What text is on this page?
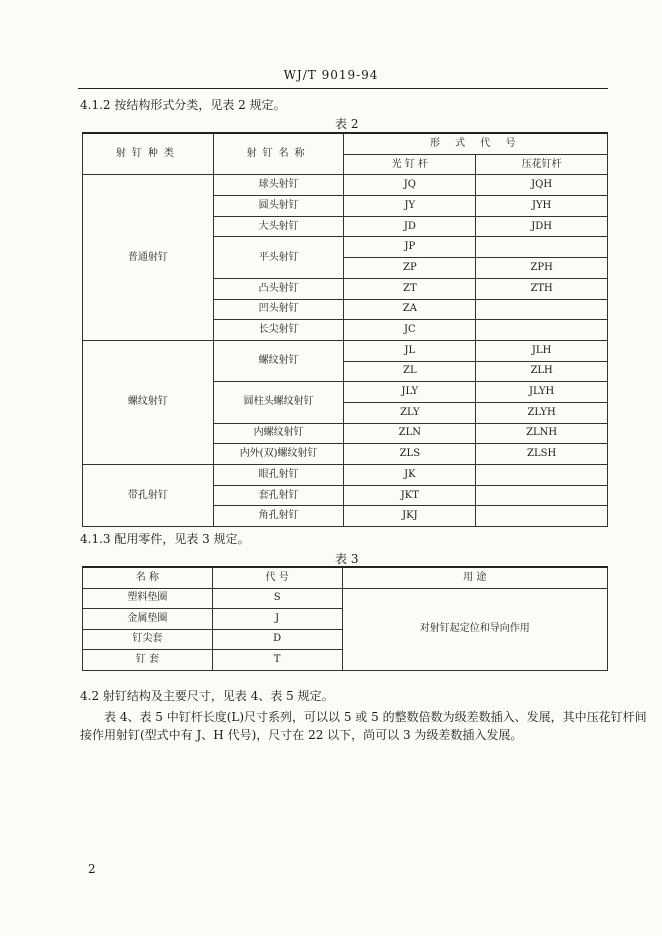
WJ/T 9019-94
4.1.2 按结构形式分类，见表 2 规定。
表 2
射钉种类	射钉名称	形 式 代 号	
		光 钉 杆	压花钉杆
普通射钉	球头射钉	JQ	JQH
	圆头射钉	JY	JYH
	大头射钉	JD	JDH
	平头射钉	JP	
		ZP	ZPH
	凸头射钉	ZT	ZTH
	凹头射钉	ZA	
	长尖射钉	JC	
螺纹射钉	螺纹射钉	JL	JLH
		ZL	ZLH
	圆柱头螺纹射钉	JLY	JLYH
		ZLY	ZLYH
	内螺纹射钉	ZLN	ZLNH
	内外(双)螺纹射钉	ZLS	ZLSH
带孔射钉	眼孔射钉	JK	
	套孔射钉	JKT	
	角孔射钉	JKJ	
4.1.3 配用零件，见表 3 规定。
表 3
名 称	代 号	用 途
塑料垫圈	S	对射钉起定位和导向作用
金属垫圈	J	
钉尖套	D	
钉 套	T	
4.2 射钉结构及主要尺寸，见表 4、表 5 规定。
表 4、表 5 中钉杆长度(L)尺寸系列，可以以 5 或 5 的整数倍数为级差数插入、发展，其中压花钉杆间
接作用射钉(型式中有 J、H 代号)，尺寸在 22 以下，尚可以 3 为级差数插入发展。
2
